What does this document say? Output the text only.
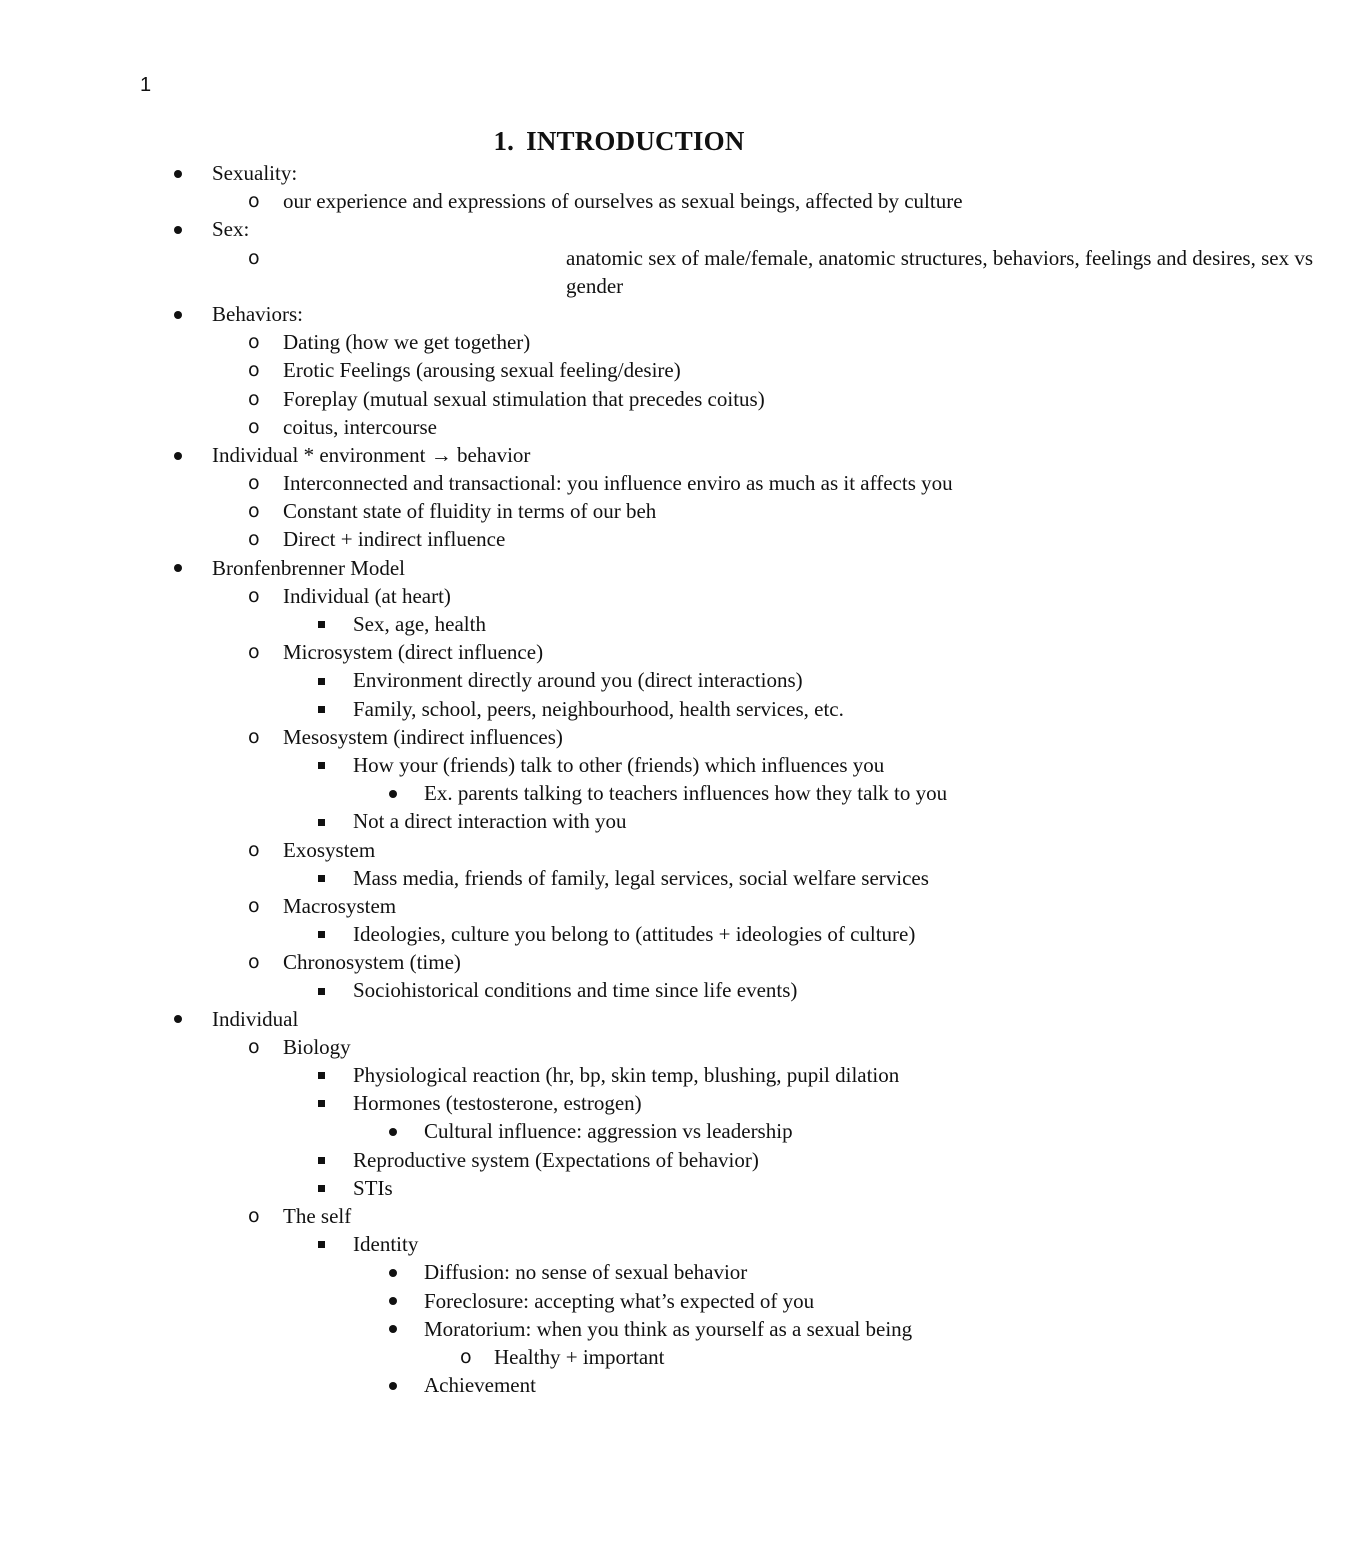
1
1. INTRODUCTION
Sexuality:
o our experience and expressions of ourselves as sexual beings, affected by culture
Sex:
o	anatomic sex of male/female, anatomic structures, behaviors, feelings and desires, sex vs gender
Behaviors:
o Dating (how we get together)
o Erotic Feelings (arousing sexual feeling/desire)
o Foreplay (mutual sexual stimulation that precedes coitus)
o coitus, intercourse
Individual * environment → behavior
o Interconnected and transactional: you influence enviro as much as it affects you
o Constant state of fluidity in terms of our beh
o Direct + indirect influence
Bronfenbrenner Model
o Individual (at heart)
Sex, age, health
o Microsystem (direct influence)
Environment directly around you (direct interactions)
Family, school, peers, neighbourhood, health services, etc.
o Mesosystem (indirect influences)
How your (friends) talk to other (friends) which influences you
Ex. parents talking to teachers influences how they talk to you
Not a direct interaction with you
o Exosystem
Mass media, friends of family, legal services, social welfare services
o Macrosystem
Ideologies, culture you belong to (attitudes + ideologies of culture)
o Chronosystem (time)
Sociohistorical conditions and time since life events)
Individual
o Biology
Physiological reaction (hr, bp, skin temp, blushing, pupil dilation
Hormones (testosterone, estrogen)
Cultural influence: aggression vs leadership
Reproductive system (Expectations of behavior)
STIs
o The self
Identity
Diffusion: no sense of sexual behavior
Foreclosure: accepting what’s expected of you
Moratorium: when you think as yourself as a sexual being
o Healthy + important
Achievement
